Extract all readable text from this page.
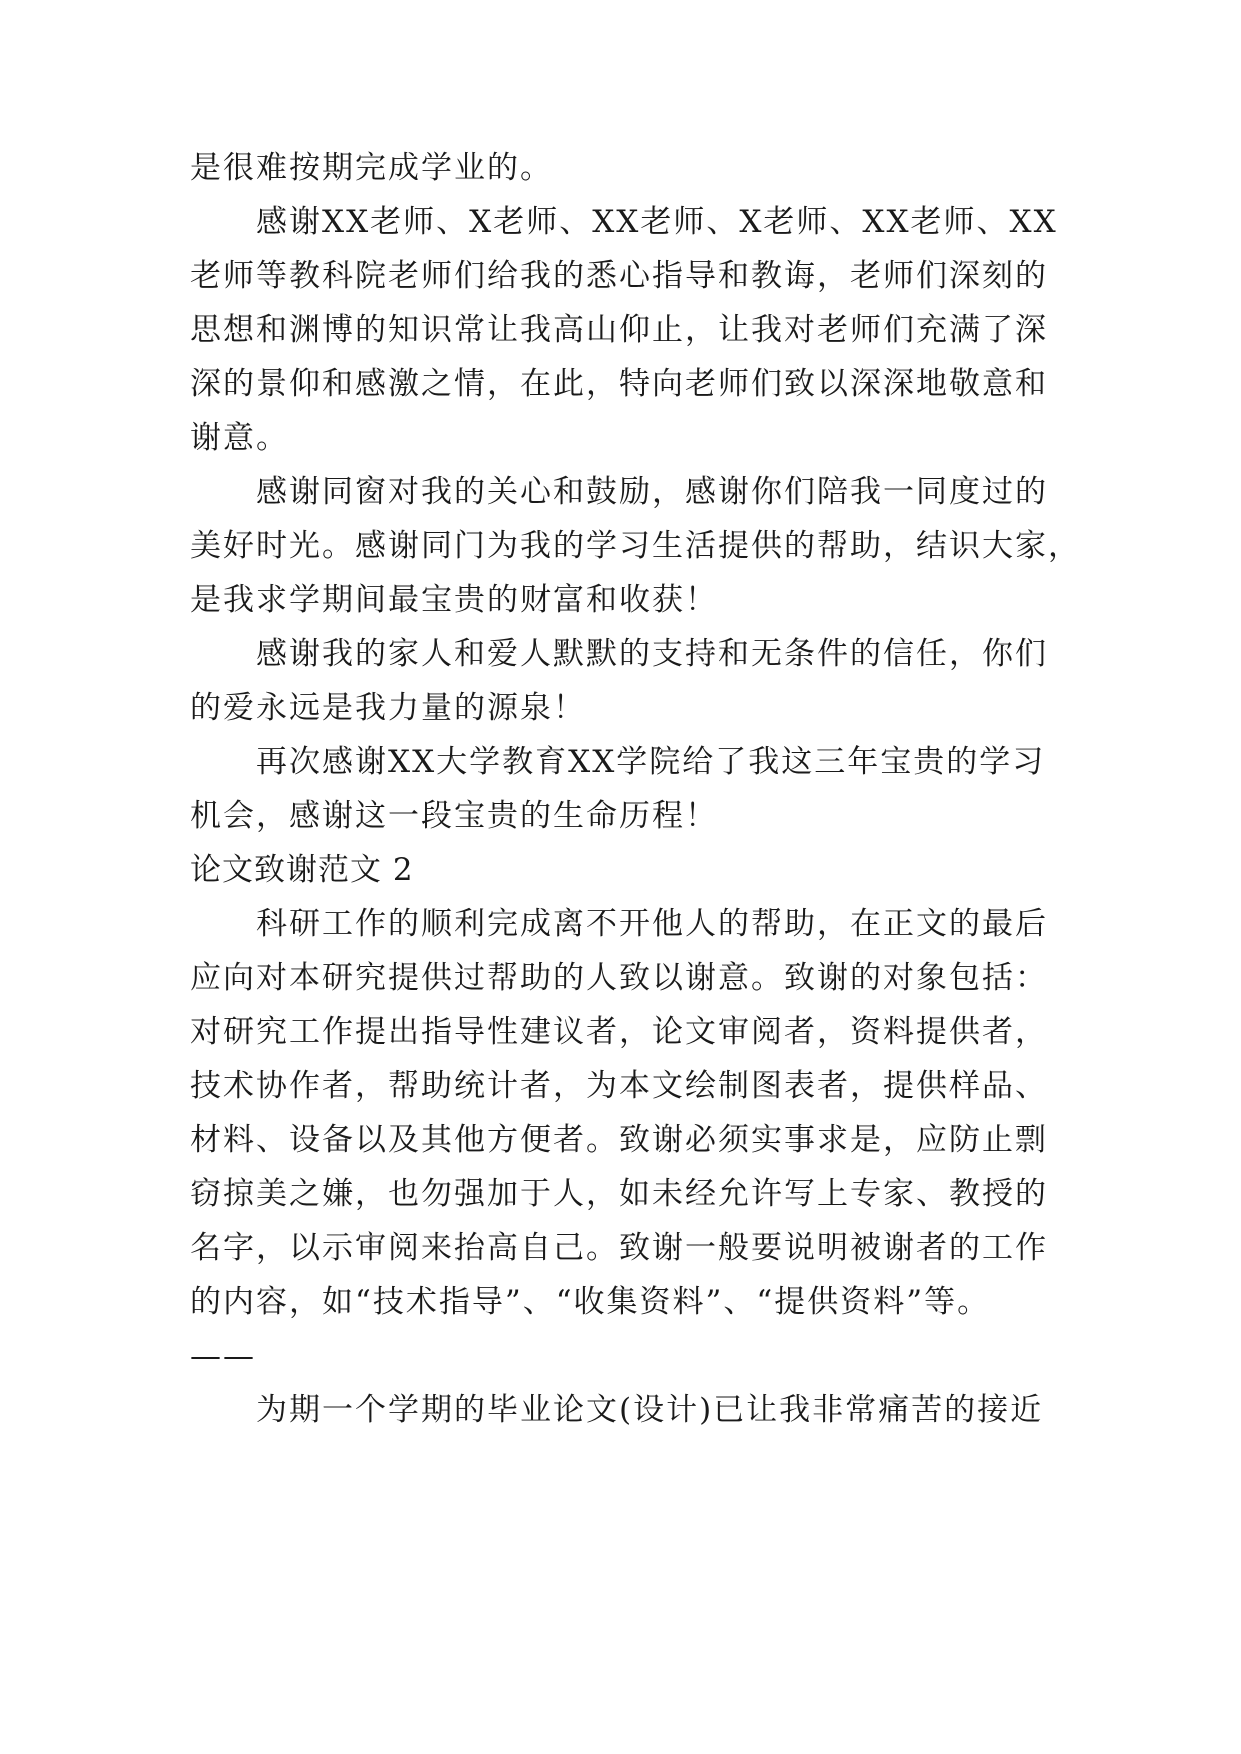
是很难按期完成学业的。
感谢XX老师、X老师、XX老师、X老师、XX老师、XX
老师等教科院老师们给我的悉心指导和教诲，老师们深刻的
思想和渊博的知识常让我高山仰止，让我对老师们充满了深
深的景仰和感激之情，在此，特向老师们致以深深地敬意和
谢意。
感谢同窗对我的关心和鼓励，感谢你们陪我一同度过的
美好时光。感谢同门为我的学习生活提供的帮助，结识大家，
是我求学期间最宝贵的财富和收获！
感谢我的家人和爱人默默的支持和无条件的信任，你们
的爱永远是我力量的源泉！
再次感谢XX大学教育XX学院给了我这三年宝贵的学习
机会，感谢这一段宝贵的生命历程！
论文致谢范文 2
科研工作的顺利完成离不开他人的帮助，在正文的最后
应向对本研究提供过帮助的人致以谢意。致谢的对象包括：
对研究工作提出指导性建议者，论文审阅者，资料提供者，
技术协作者，帮助统计者，为本文绘制图表者，提供样品、
材料、设备以及其他方便者。致谢必须实事求是，应防止剽
窃掠美之嫌，也勿强加于人，如未经允许写上专家、教授的
名字，以示审阅来抬高自己。致谢一般要说明被谢者的工作
的内容，如“技术指导”、“收集资料”、“提供资料”等。
——
为期一个学期的毕业论文(设计)已让我非常痛苦的接近
